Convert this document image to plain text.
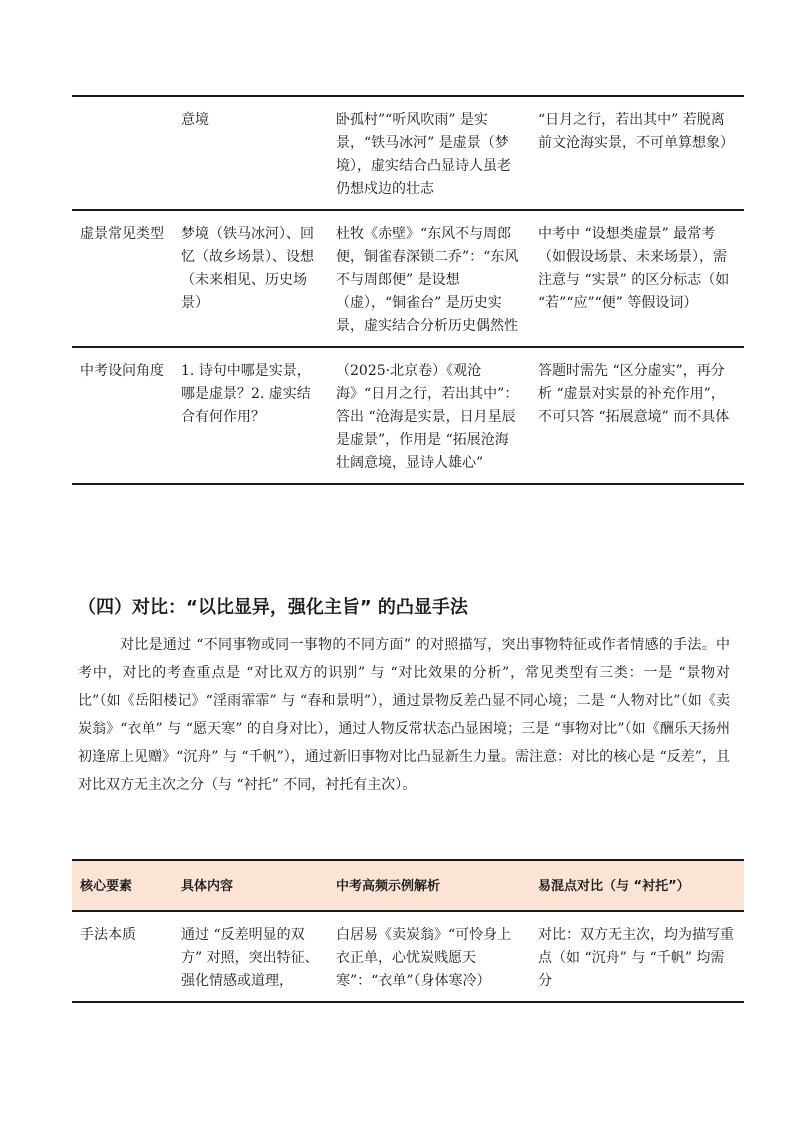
	意境	卧孤村”“听风吹雨” 是实景，“铁马冰河” 是虚景（梦境），虚实结合凸显诗人虽老仍想戍边的壮志	“日月之行，若出其中” 若脱离前文沧海实景，不可单算想象）
虚景常见类型	梦境（铁马冰河）、回忆（故乡场景）、设想（未来相见、历史场景）	杜牧《赤壁》“东风不与周郎便，铜雀春深锁二乔”：“东风不与周郎便” 是设想（虚），“铜雀台” 是历史实景，虚实结合分析历史偶然性	中考中 “设想类虚景” 最常考（如假设场景、未来场景），需注意与 “实景” 的区分标志（如 “若”“应”“便” 等假设词）
中考设问角度	1. 诗句中哪是实景，哪是虚景？2. 虚实结合有何作用？	（2025·北京卷）《观沧海》“日月之行，若出其中”：答出 “沧海是实景，日月星辰是虚景”，作用是 “拓展沧海壮阔意境，显诗人雄心”	答题时需先 “区分虚实”，再分析 “虚景对实景的补充作用”，不可只答 “拓展意境” 而不具体
（四）对比：“以比显异，强化主旨” 的凸显手法

对比是通过 “不同事物或同一事物的不同方面” 的对照描写，突出事物特征或作者情感的手法。中考中，对比的考查重点是 “对比双方的识别” 与 “对比效果的分析”，常见类型有三类：一是 “景物对比”（如《岳阳楼记》“淫雨霏霏” 与 “春和景明”），通过景物反差凸显不同心境；二是 “人物对比”（如《卖炭翁》“衣单” 与 “愿天寒” 的自身对比），通过人物反常状态凸显困境；三是 “事物对比”（如《酬乐天扬州初逢席上见赠》“沉舟” 与 “千帆”），通过新旧事物对比凸显新生力量。需注意：对比的核心是 “反差”，且对比双方无主次之分（与 “衬托” 不同，衬托有主次）。

核心要素	具体内容	中考高频示例解析	易混点对比（与 “衬托”）
手法本质	通过 “反差明显的双方” 对照，突出特征、强化情感或道理，	白居易《卖炭翁》“可怜身上衣正单，心忧炭贱愿天寒”：“衣单”（身体寒冷）	对比：双方无主次，均为描写重点（如 “沉舟” 与 “千帆” 均需分
